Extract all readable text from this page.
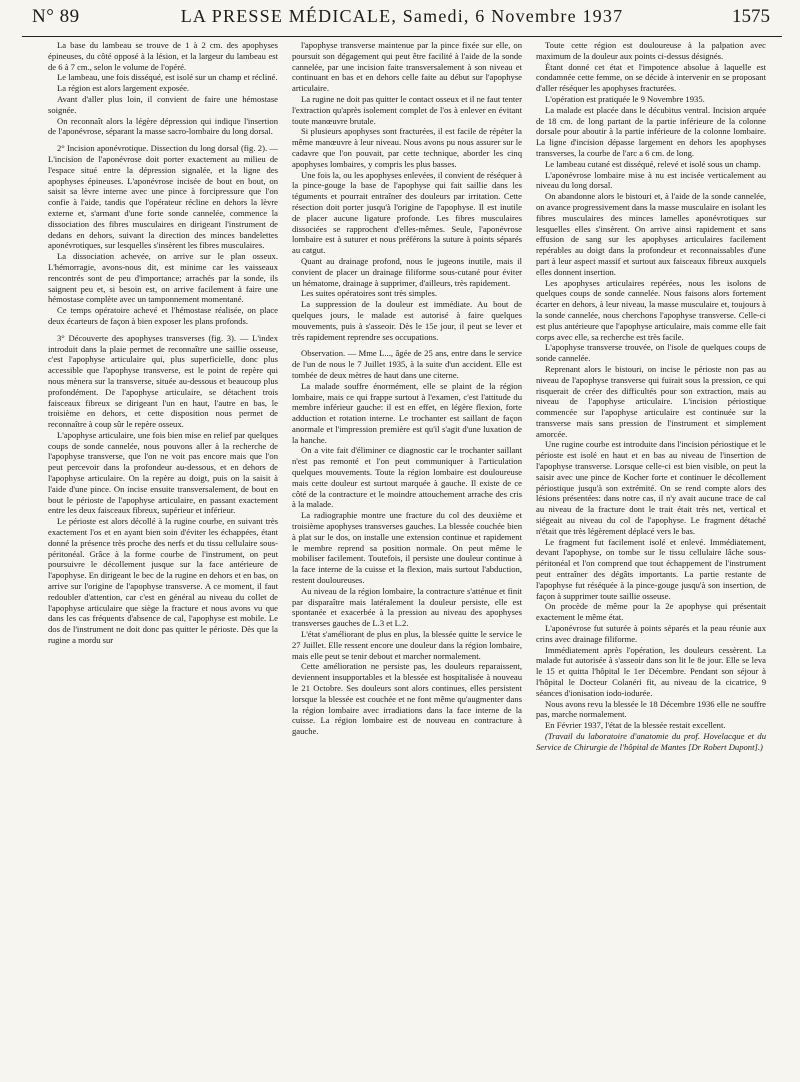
N° 89	LA PRESSE MÉDICALE, Samedi, 6 Novembre 1937	1575

La base du lambeau se trouve de 1 à 2 cm. des apophyses épineuses, du côté opposé à la lésion, et la largeur du lambeau est de 6 à 7 cm., selon le volume de l'opéré.

Le lambeau, une fois disséqué, est isolé sur un champ et récliné.

La région est alors largement exposée.

Avant d'aller plus loin, il convient de faire une hémostase soignée.

On reconnaît alors la légère dépression qui indique l'insertion de l'aponévrose, séparant la masse sacro-lombaire du long dorsal.

2° Incision aponévrotique. Dissection du long dorsal (fig. 2). — L'incision de l'aponévrose doit porter exactement au milieu de l'espace situé entre la dépression signalée, et la ligne des apophyses épineuses. L'aponévrose incisée de bout en bout, on saisit sa lèvre interne avec une pince à forcipressure que l'on confie à l'aide, tandis que l'opérateur récline en dehors la lèvre externe et, s'armant d'une forte sonde cannelée, commence la dissociation des fibres musculaires en dirigeant l'instrument de dedans en dehors, suivant la direction des minces bandelettes aponévrotiques, sur lesquelles s'insèrent les fibres musculaires.

La dissociation achevée, on arrive sur le plan osseux. L'hémorragie, avons-nous dit, est minime car les vaisseaux rencontrés sont de peu d'importance; arrachés par la sonde, ils saignent peu et, si besoin est, on arrive facilement à faire une hémostase complète avec un tamponnement momentané.

Ce temps opératoire achevé et l'hémostase réalisée, on place deux écarteurs de façon à bien exposer les plans profonds.

3° Découverte des apophyses transverses (fig. 3). — L'index introduit dans la plaie permet de reconnaître une saillie osseuse, c'est l'apophyse articulaire qui, plus superficielle, donc plus accessible que l'apophyse transverse, est le point de repère qui nous mènera sur la transverse, située au-dessous et beaucoup plus profondément. De l'apophyse articulaire, se détachent trois faisceaux fibreux se dirigeant l'un en haut, l'autre en bas, le troisième en dehors, et cette disposition nous permet de reconnaître à coup sûr le repère osseux.

L'apophyse articulaire, une fois bien mise en relief par quelques coups de sonde cannelée, nous pouvons aller à la recherche de l'apophyse transverse, que l'on ne voit pas encore mais que l'on peut percevoir dans la profondeur au-dessous, et en dehors de l'apophyse articulaire. On la repère au doigt, puis on la saisit à l'aide d'une pince. On incise ensuite transversalement, de bout en bout le périoste de l'apophyse articulaire, en passant exactement entre les deux faisceaux fibreux, supérieur et inférieur.

Le périoste est alors décollé à la rugine courbe, en suivant très exactement l'os et en ayant bien soin d'éviter les échappées, étant donné la présence très proche des nerfs et du tissu cellulaire sous-péritonéal. Grâce à la forme courbe de l'instrument, on peut poursuivre le décollement jusque sur la face antérieure de l'apophyse. En dirigeant le bec de la rugine en dehors et en bas, on arrive sur l'origine de l'apophyse transverse. A ce moment, il faut redoubler d'attention, car c'est en général au niveau du collet de l'apophyse articulaire que siège la fracture et nous avons vu que dans les cas fréquents d'absence de cal, l'apophyse est mobile. Le dos de l'instrument ne doit donc pas quitter le périoste. Dès que la rugine a mordu sur

l'apophyse transverse maintenue par la pince fixée sur elle, on poursuit son dégagement qui peut être facilité à l'aide de la sonde cannelée, par une incision faite transversalement à son niveau et continuant en bas et en dehors celle faite au début sur l'apophyse articulaire.

La rugine ne doit pas quitter le contact osseux et il ne faut tenter l'extraction qu'après isolement complet de l'os à enlever en évitant toute manœuvre brutale.

Si plusieurs apophyses sont fracturées, il est facile de répéter la même manœuvre à leur niveau. Nous avons pu nous assurer sur le cadavre que l'on pouvait, par cette technique, aborder les cinq apophyses lombaires, y compris les plus basses.

Une fois la, ou les apophyses enlevées, il convient de réséquer à la pince-gouge la base de l'apophyse qui fait saillie dans les téguments et pourrait entraîner des douleurs par irritation. Cette résection doit porter jusqu'à l'origine de l'apophyse. Il est inutile de placer aucune ligature profonde. Les fibres musculaires dissociées se rapprochent d'elles-mêmes. Seule, l'aponévrose lombaire est à suturer et nous préférons la suture à points séparés au catgut.

Quant au drainage profond, nous le jugeons inutile, mais il convient de placer un drainage filiforme sous-cutané pour éviter un hématome, drainage à supprimer, d'ailleurs, très rapidement.

Les suites opératoires sont très simples.

La suppression de la douleur est immédiate. Au bout de quelques jours, le malade est autorisé à faire quelques mouvements, puis à s'asseoir. Dès le 15e jour, il peut se lever et très rapidement reprendre ses occupations.

Observation. — Mme L..., âgée de 25 ans, entre dans le service de l'un de nous le 7 Juillet 1935, à la suite d'un accident. Elle est tombée de deux mètres de haut dans une citerne.

La malade souffre énormément, elle se plaint de la région lombaire, mais ce qui frappe surtout à l'examen, c'est l'attitude du membre inférieur gauche: il est en effet, en légère flexion, forte adduction et rotation interne. Le trochanter est saillant de façon anormale et l'impression première est qu'il s'agit d'une luxation de la hanche.

On a vite fait d'éliminer ce diagnostic car le trochanter saillant n'est pas remonté et l'on peut communiquer à l'articulation quelques mouvements. Toute la région lombaire est douloureuse mais cette douleur est surtout marquée à gauche. Il existe de ce côté de la contracture et le moindre attouchement arrache des cris à la malade.

La radiographie montre une fracture du col des deuxième et troisième apophyses transverses gauches. La blessée couchée bien à plat sur le dos, on installe une extension continue et rapidement le membre reprend sa position normale. On peut même le mobiliser facilement. Toutefois, il persiste une douleur continue à la face interne de la cuisse et la flexion, mais surtout l'abduction, restent douloureuses.

Au niveau de la région lombaire, la contracture s'atténue et finit par disparaître mais latéralement la douleur persiste, elle est spontanée et exacerbée à la pression au niveau des apophyses transverses gauches de L.3 et L.2.

L'état s'améliorant de plus en plus, la blessée quitte le service le 27 Juillet. Elle ressent encore une douleur dans la région lombaire, mais elle peut se tenir debout et marcher normalement.

Cette amélioration ne persiste pas, les douleurs reparaissent, deviennent insupportables et la blessée est hospitalisée à nouveau le 21 Octobre. Ses douleurs sont alors continues, elles persistent lorsque la blessée est couchée et ne font même qu'augmenter dans la région lombaire avec irradiations dans la face interne de la cuisse. La région lombaire est de nouveau en contracture à gauche.

Toute cette région est douloureuse à la palpation avec maximum de la douleur aux points ci-dessus désignés.

Étant donné cet état et l'impotence absolue à laquelle est condamnée cette femme, on se décide à intervenir en se proposant d'aller réséquer les apophyses fracturées.

L'opération est pratiquée le 9 Novembre 1935.

La malade est placée dans le décubitus ventral. Incision arquée de 18 cm. de long partant de la partie inférieure de la colonne dorsale pour aboutir à la partie inférieure de la colonne lombaire. La ligne d'incision dépasse largement en dehors les apophyses transverses, la courbe de l'arc a 6 cm. de long.

Le lambeau cutané est disséqué, relevé et isolé sous un champ.

L'aponévrose lombaire mise à nu est incisée verticalement au niveau du long dorsal.

On abandonne alors le bistouri et, à l'aide de la sonde cannelée, on avance progressivement dans la masse musculaire en isolant les fibres musculaires des minces lamelles aponévrotiques sur lesquelles elles s'insèrent. On arrive ainsi rapidement et sans effusion de sang sur les apophyses articulaires facilement repérables au doigt dans la profondeur et reconnaissables d'une part à leur aspect massif et surtout aux faisceaux fibreux auxquels elles donnent insertion.

Les apophyses articulaires repérées, nous les isolons de quelques coups de sonde cannelée. Nous faisons alors fortement écarter en dehors, à leur niveau, la masse musculaire et, toujours à la sonde cannelée, nous cherchons l'apophyse transverse. Celle-ci est plus antérieure que l'apophyse articulaire, mais comme elle fait corps avec elle, sa recherche est très facile.

L'apophyse transverse trouvée, on l'isole de quelques coups de sonde cannelée.

Reprenant alors le bistouri, on incise le périoste non pas au niveau de l'apophyse transverse qui fuirait sous la pression, ce qui risquerait de créer des difficultés pour son extraction, mais au niveau de l'apophyse articulaire. L'incision périostique commencée sur l'apophyse articulaire est continuée sur la transverse mais sans pression de l'instrument et simplement amorcée.

Une rugine courbe est introduite dans l'incision périostique et le périoste est isolé en haut et en bas au niveau de l'insertion de l'apophyse transverse. Lorsque celle-ci est bien visible, on peut la saisir avec une pince de Kocher forte et continuer le décollement périostique jusqu'à son extrémité. On se rend compte alors des lésions présentées: dans notre cas, il n'y avait aucune trace de cal au niveau de la fracture dont le trait était très net, vertical et siégeait au niveau du col de l'apophyse. Le fragment détaché n'était que très légèrement déplacé vers le bas.

Le fragment fut facilement isolé et enlevé. Immédiatement, devant l'apophyse, on tombe sur le tissu cellulaire lâche sous-péritonéal et l'on comprend que tout échappement de l'instrument peut entraîner des dégâts importants. La partie restante de l'apophyse fut réséquée à la pince-gouge jusqu'à son insertion, de façon à supprimer toute saillie osseuse.

On procède de même pour la 2e apophyse qui présentait exactement le même état.

L'aponévrose fut suturée à points séparés et la peau réunie aux crins avec drainage filiforme.

Immédiatement après l'opération, les douleurs cessèrent. La malade fut autorisée à s'asseoir dans son lit le 8e jour. Elle se leva le 15 et quitta l'hôpital le 1er Décembre. Pendant son séjour à l'hôpital le Docteur Colanéri fit, au niveau de la cicatrice, 9 séances d'ionisation iodo-iodurée.

Nous avons revu la blessée le 18 Décembre 1936 elle ne souffre pas, marche normalement.

En Février 1937, l'état de la blessée restait excellent.

(Travail du laboratoire d'anatomie du prof. Hovelacque et du Service de Chirurgie de l'hôpital de Mantes [Dr Robert Dupont].)
